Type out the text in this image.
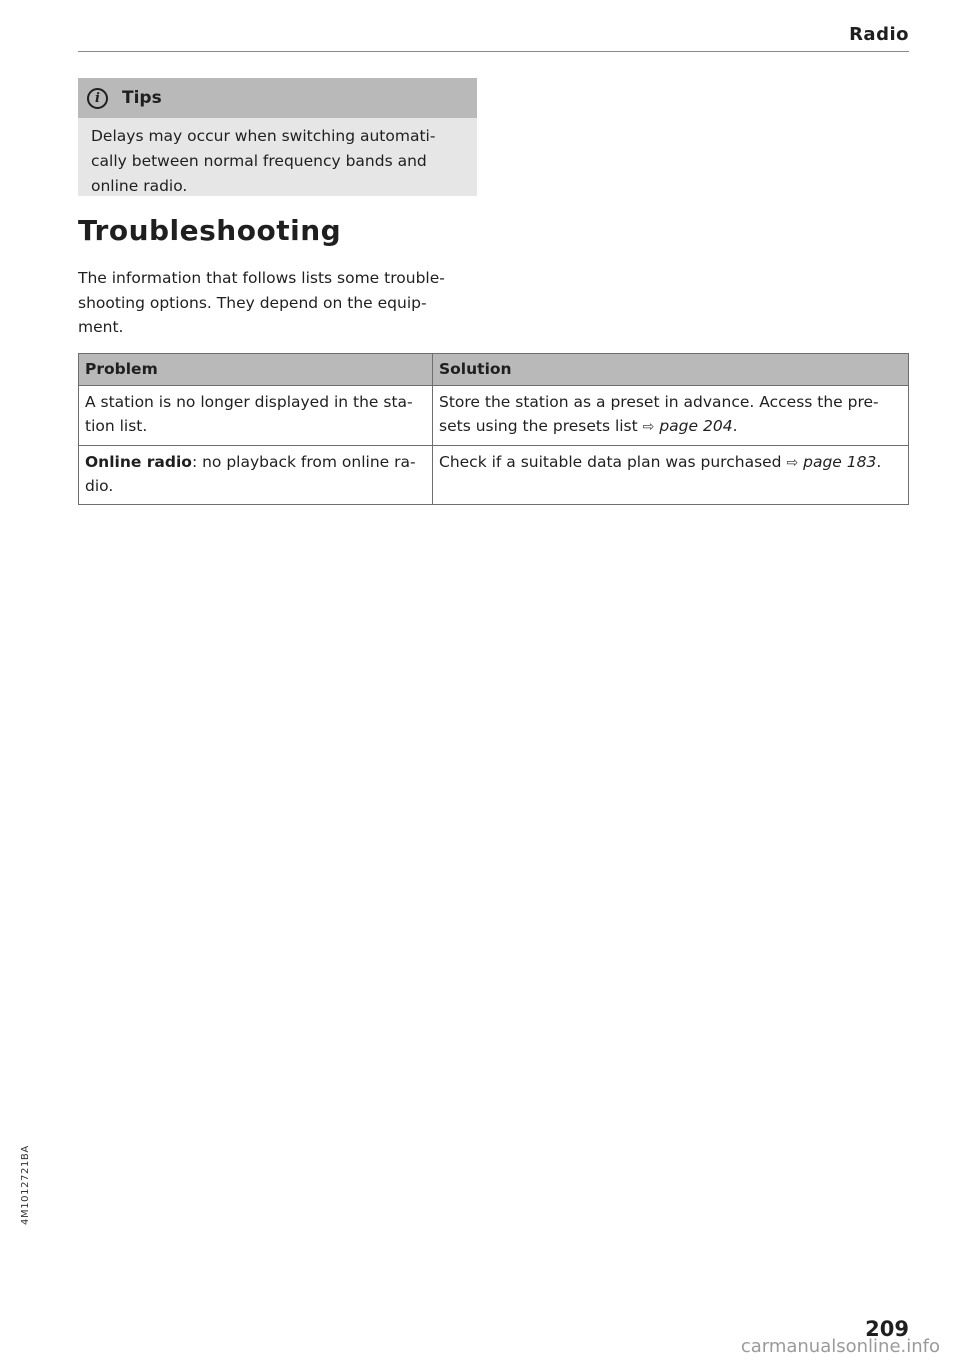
Radio
i	Tips
Delays may occur when switching automati-
cally between normal frequency bands and
online radio.
Troubleshooting
The information that follows lists some trouble-
shooting options. They depend on the equip-
ment.
Problem	Solution

A station is no longer displayed in the sta-
tion list.	Store the station as a preset in advance. Access the pre-
sets using the presets list ⇨ page 204.

Online radio: no playback from online ra-
dio.	Check if a suitable data plan was purchased ⇨ page 183.
4M1012721BA
209
carmanualsonline.info
